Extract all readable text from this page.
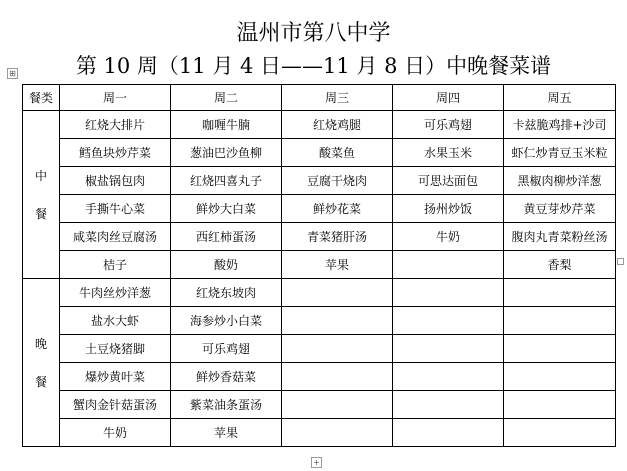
温州市第八中学
第 10 周（11 月 4 日——11 月 8 日）中晚餐菜谱
⊞
餐类	周一	周二	周三	周四	周五

中
餐	红烧大排片	咖喱牛腩	红烧鸡腿	可乐鸡翅	卡兹脆鸡排+沙司
	鳕鱼块炒芹菜	葱油巴沙鱼柳	酸菜鱼	水果玉米	虾仁炒青豆玉米粒
	椒盐锅包肉	红烧四喜丸子	豆腐干烧肉	可思达面包	黑椒肉柳炒洋葱
	手撕牛心菜	鲜炒大白菜	鲜炒花菜	扬州炒饭	黄豆芽炒芹菜
	咸菜肉丝豆腐汤	西红柿蛋汤	青菜猪肝汤	牛奶	腹肉丸青菜粉丝汤
	桔子	酸奶	苹果		香梨

晚
餐	牛肉丝炒洋葱	红烧东坡肉			
	盐水大虾	海参炒小白菜			
	土豆烧猪脚	可乐鸡翅			
	爆炒黄叶菜	鲜炒香菇菜			
	蟹肉金针菇蛋汤	紫菜油条蛋汤			
	牛奶	苹果			
+
